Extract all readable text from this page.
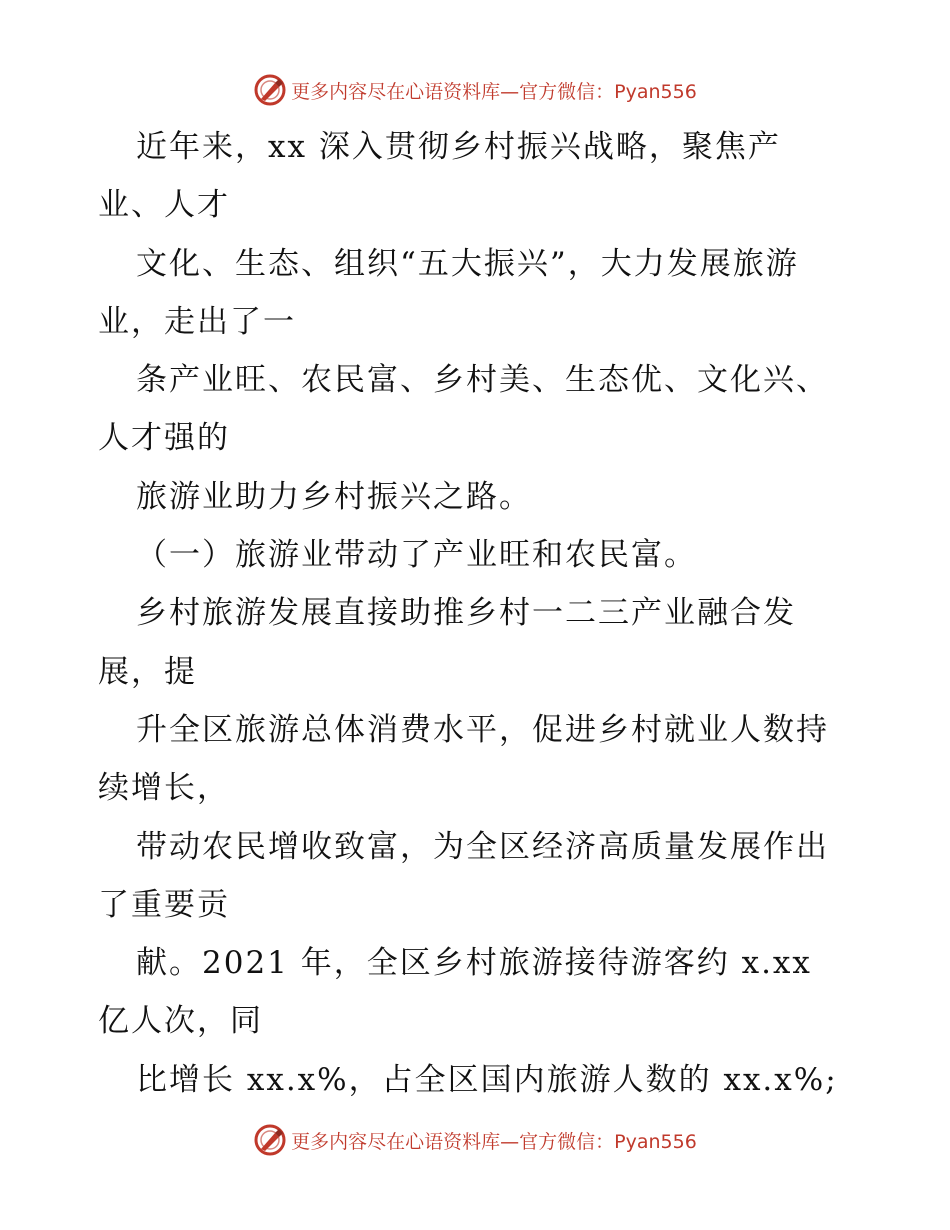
更多内容尽在心语资料库—官方微信：Pyan556
近年来，xx 深入贯彻乡村振兴战略，聚焦产
业、人才
文化、生态、组织“五大振兴”，大力发展旅游
业，走出了一
条产业旺、农民富、乡村美、生态优、文化兴、
人才强的
旅游业助力乡村振兴之路。
（一）旅游业带动了产业旺和农民富。
乡村旅游发展直接助推乡村一二三产业融合发
展，提
升全区旅游总体消费水平，促进乡村就业人数持
续增长，
带动农民增收致富，为全区经济高质量发展作出
了重要贡
献。2021 年，全区乡村旅游接待游客约 x.xx
亿人次，同
比增长 xx.x%，占全区国内旅游人数的 xx.x%;
更多内容尽在心语资料库—官方微信：Pyan556
